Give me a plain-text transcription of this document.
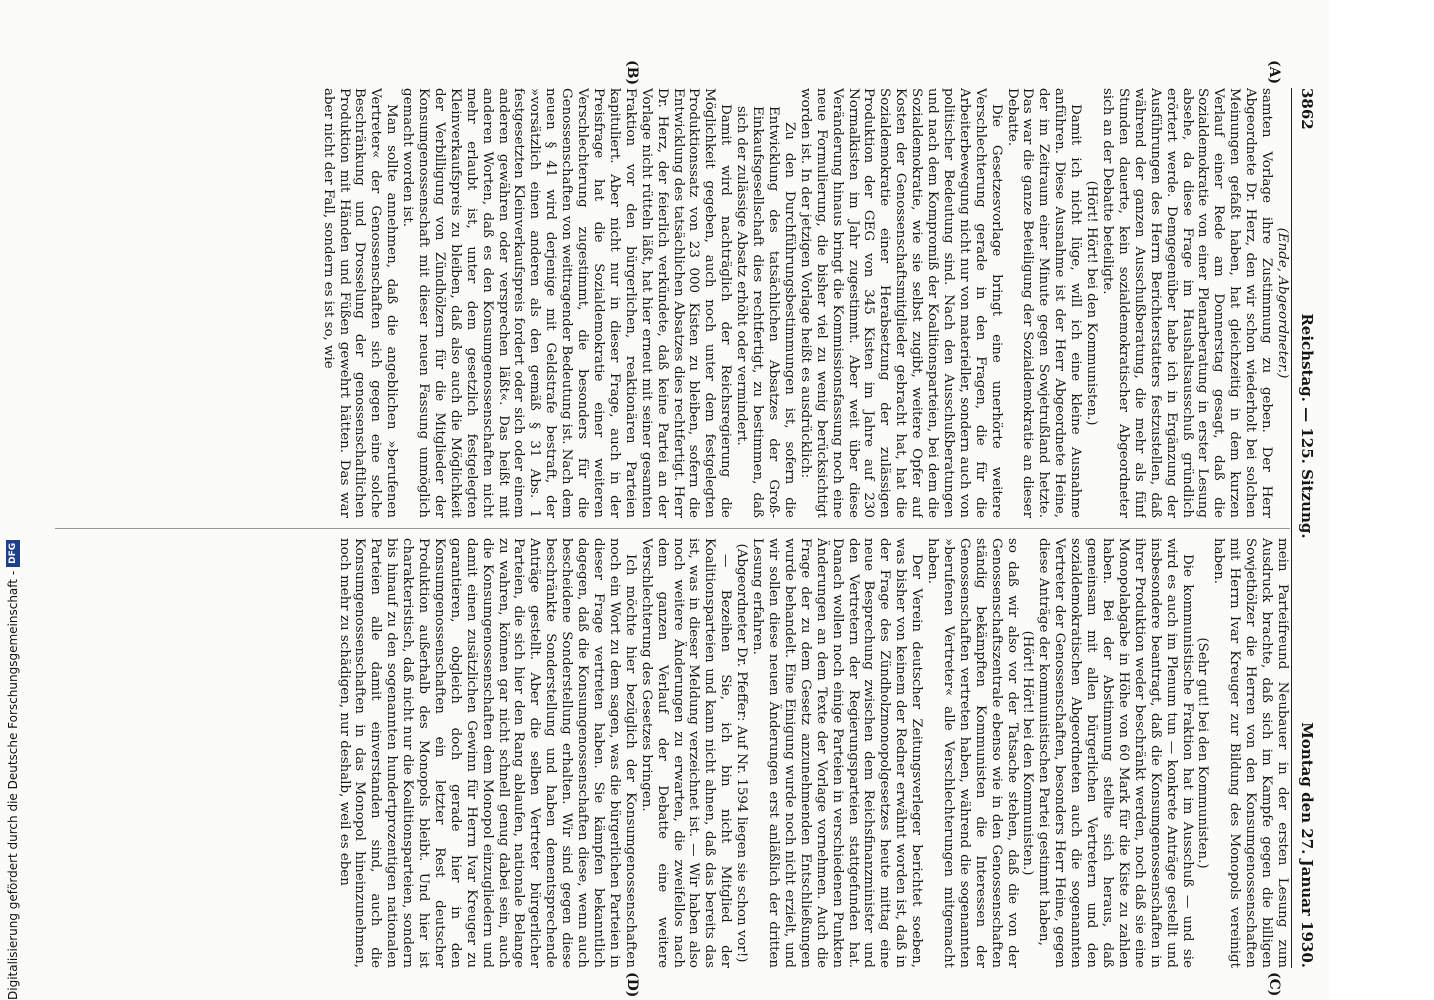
3862
Reichstag. — 125. Sitzung.
Montag den 27. Januar 1930.
(A)
(B)
(C)
(D)

(Ende, Abgeordneter.)

samten Vorlage ihre Zustimmung zu geben. Der Herr Abgeordnete Dr. Herz, den wir schon wiederholt bei solchen Meinungen gefaßt haben, hat gleichzeitig in dem kurzen Verlauf einer Rede am Donnerstag gesagt, daß die Sozialdemokratie von einer Plenarberatung in erster Lesung absehe, da diese Frage im Haushaltsausschuß gründlich erörtert werde. Demgegenüber habe ich in Ergänzung der Ausführungen des Herrn Berichterstatters festzustellen, daß während der ganzen Ausschußberatung, die mehr als fünf Stunden dauerte, kein sozialdemokratischer Abgeordneter sich an der Debatte beteiligte.

(Hört! Hört! bei den Kommunisten.)

Damit ich nicht lüge, will ich eine kleine Ausnahme anführen. Diese Ausnahme ist der Herr Abgeordnete Heine, der im Zeitraum einer Minute gegen Sowjetrußland hetzte. Das war die ganze Beteiligung der Sozialdemokratie an dieser Debatte.

Die Gesetzesvorlage bringt eine unerhörte weitere Verschlechterung gerade in den Fragen, die für die Arbeiterbewegung nicht nur von materieller, sondern auch von politischer Bedeutung sind. Nach den Ausschußberatungen und nach dem Kompromiß der Koalitionsparteien, bei dem die Sozialdemokratie, wie sie selbst zugibt, weitere Opfer auf Kosten der Genossenschaftsmitglieder gebracht hat, hat die Sozialdemokratie einer Herabsetzung der zulässigen Produktion der GEG von 345 Kisten im Jahre auf 230 Normalkisten im Jahr zugestimmt. Aber weit über diese Veränderung hinaus bringt die Kommissionsfassung noch eine neue Formulierung, die bisher viel zu wenig berücksichtigt worden ist. In der jetzigen Vorlage heißt es ausdrücklich:

Zu den Durchführungsbestimmungen ist, sofern die Entwicklung des tatsächlichen Absatzes der Groß-Einkaufsgesellschaft dies rechtfertigt, zu bestimmen, daß sich der zulässige Absatz erhöht oder vermindert.

Damit wird nachträglich der Reichsregierung die Möglichkeit gegeben, auch noch unter dem festgelegten Produktionssatz von 23 000 Kisten zu bleiben, sofern die Entwicklung des tatsächlichen Absatzes dies rechtfertigt. Herr Dr. Herz, der feierlich verkündete, daß keine Partei an der Vorlage nicht rütteln läßt, hat hier erneut mit seiner gesamten Fraktion vor den bürgerlichen, reaktionären Parteien kapituliert. Aber nicht nur in dieser Frage, auch in der Preisfrage hat die Sozialdemokratie einer weiteren Verschlechterung zugestimmt, die besonders für die Genossenschaften von weittragender Bedeutung ist. Nach dem neuen § 41 wird derjenige mit Geldstrafe bestraft, der »vorsätzlich einen anderen als den gemäß § 31 Abs. 1 festgesetzten Kleinverkaufspreis fordert oder sich oder einem anderen gewähren oder versprechen läßt«. Das heißt mit anderen Worten, daß es den Konsumgenossenschaften nicht mehr erlaubt ist, unter dem gesetzlich festgelegten Kleinverkaufspreis zu bleiben, daß also auch die Möglichkeit der Verbilligung von Zündhölzern für die Mitglieder der Konsumgenossenschaft mit dieser neuen Fassung unmöglich gemacht worden ist.

Man sollte annehmen, daß die angeblichen »berufenen Vertreter« der Genossenschaften sich gegen eine solche Beschränkung und Drosselung der genossenschaftlichen Produktion mit Händen und Füßen gewehrt hätten. Das war aber nicht der Fall, sondern es ist so, wie

mein Parteifreund Neubauer in der ersten Lesung zum Ausdruck brachte, daß sich im Kampfe gegen die billigen Sowjethölzer die Herren von den Konsumgenossenschaften mit Herrn Ivar Kreuger zur Bildung des Monopols vereinigt haben.

(Sehr gut! bei den Kommunisten.)

Die kommunistische Fraktion hat im Ausschuß — und sie wird es auch im Plenum tun — konkrete Anträge gestellt und insbesondere beantragt, daß die Konsumgenossenschaften in ihrer Produktion weder beschränkt werden, noch daß sie eine Monopolabgabe in Höhe von 60 Mark für die Kiste zu zahlen haben. Bei der Abstimmung stellte sich heraus, daß gemeinsam mit allen bürgerlichen Vertretern und den sozialdemokratischen Abgeordneten auch die sogenannten Vertreter der Genossenschaften, besonders Herr Heine, gegen diese Anträge der kommunistischen Partei gestimmt haben,

(Hört! Hört! bei den Kommunisten.)

so daß wir also vor der Tatsache stehen, daß die von der Genossenschaftszentrale ebenso wie in den Genossenschaften ständig bekämpften Kommunisten die Interessen der Genossenschaften vertreten haben, während die sogenannten »berufenen Vertreter« alle Verschlechterungen mitgemacht haben.

Der Verein deutscher Zeitungsverleger berichtet soeben, was bisher von keinem der Redner erwähnt worden ist, daß in der Frage des Zündholzmonopolgesetzes heute mittag eine neue Besprechung zwischen dem Reichsfinanzminister und den Vertretern der Regierungsparteien stattgefunden hat. Danach wollen noch einige Parteien in verschiedenen Punkten Änderungen an dem Texte der Vorlage vornehmen. Auch die Frage der zu dem Gesetz anzunehmenden Entschließungen wurde behandelt. Eine Einigung wurde noch nicht erzielt, und wir sollen diese neuen Änderungen erst anläßlich der dritten Lesung erfahren.

(Abgeordneter Dr. Pfeffer: Auf Nr. 1594 liegen sie schon vor!)

— Bezeihen Sie, ich bin nicht Mitglied der Koalitionsparteien und kann nicht ahnen, daß das bereits das ist, was in dieser Meldung verzeichnet ist. — Wir haben also noch weitere Änderungen zu erwarten, die zweifellos nach dem ganzen Verlauf der Debatte eine weitere Verschlechterung des Gesetzes bringen.

Ich möchte hier bezüglich der Konsumgenossenschaften noch ein Wort zu dem sagen, was die bürgerlichen Parteien in dieser Frage vertreten haben. Sie kämpfen bekanntlich dagegen, daß die Konsumgenossenschaften diese, wenn auch bescheidene Sonderstellung erhalten. Wir sind gegen diese beschränkte Sonderstellung und haben dementsprechende Anträge gestellt. Aber die selben Vertreter bürgerlicher Parteien, die sich hier den Rang ablaufen, nationale Belange zu wahren, können gar nicht schnell genug dabei sein, auch die Konsumgenossenschaften dem Monopol einzugliedern und damit einen zusätzlichen Gewinn für Herrn Ivar Kreuger zu garantieren, obgleich doch gerade hier in den Konsumgenossenschaften ein letzter Rest deutscher Produktion außerhalb des Monopols bleibt. Und hier ist charakteristisch, daß nicht nur die Koalitionsparteien, sondern bis hinauf zu den sogenannten hundertprozentigen nationalen Parteien alle damit einverstanden sind, auch die Konsumgenossenschaften in das Monopol hineinzunehmen, noch mehr zu schädigen, nur deshalb, weil es eben

Digitalisierung gefördert durch die Deutsche Forschungsgemeinschaft -
DFG
